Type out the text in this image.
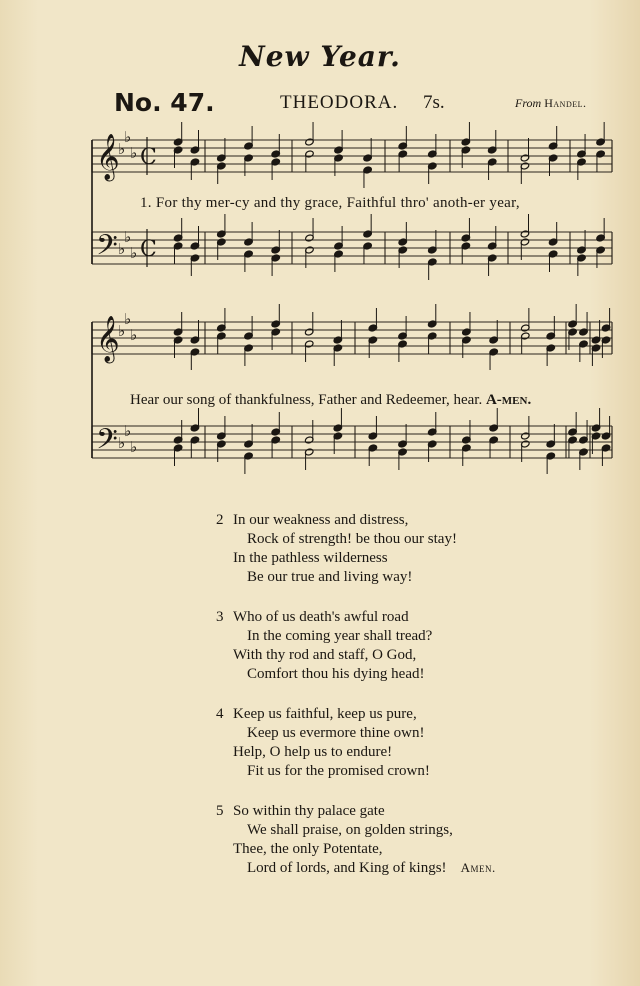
New Year.
No. 47.	THEODORA. 7s.	From Handel.
𝄞
♭
♭
♭ C
𝄢 ♭
♭
♭ C
𝄞
♭
♭
♭
𝄢 ♭
♭
♭
1. For thy mer-cy and thy grace, Faithful thro' anoth-er year,
Hear our song of thankfulness, Father and Redeemer, hear. A-men.
2 In our weakness and distress,
Rock of strength! be thou our stay!
In the pathless wilderness
Be our true and living way!
3 Who of us death's awful road
In the coming year shall tread?
With thy rod and staff, O God,
Comfort thou his dying head!
4 Keep us faithful, keep us pure,
Keep us evermore thine own!
Help, O help us to endure!
Fit us for the promised crown!
5 So within thy palace gate
We shall praise, on golden strings,
Thee, the only Potentate,
Lord of lords, and King of kings! Amen.
